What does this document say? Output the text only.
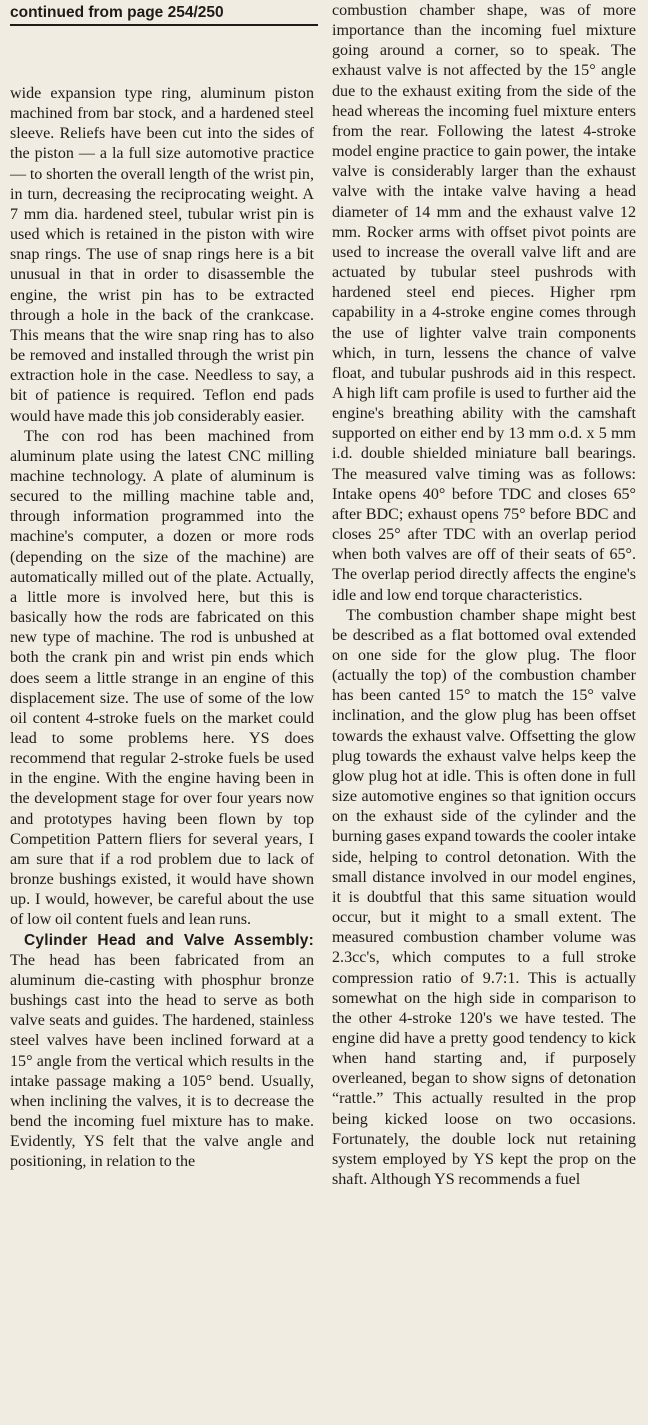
continued from page 254/250

wide expansion type ring, aluminum piston machined from bar stock, and a hardened steel sleeve. Reliefs have been cut into the sides of the piston — a la full size automotive practice — to shorten the overall length of the wrist pin, in turn, decreasing the reciprocating weight. A 7 mm dia. hardened steel, tubular wrist pin is used which is retained in the piston with wire snap rings. The use of snap rings here is a bit unusual in that in order to disassemble the engine, the wrist pin has to be extracted through a hole in the back of the crankcase. This means that the wire snap ring has to also be removed and installed through the wrist pin extraction hole in the case. Needless to say, a bit of patience is required. Teflon end pads would have made this job considerably easier.

The con rod has been machined from aluminum plate using the latest CNC milling machine technology. A plate of aluminum is secured to the milling machine table and, through information programmed into the machine's computer, a dozen or more rods (depending on the size of the machine) are automatically milled out of the plate. Actually, a little more is involved here, but this is basically how the rods are fabricated on this new type of machine. The rod is unbushed at both the crank pin and wrist pin ends which does seem a little strange in an engine of this displacement size. The use of some of the low oil content 4-stroke fuels on the market could lead to some problems here. YS does recommend that regular 2-stroke fuels be used in the engine. With the engine having been in the development stage for over four years now and prototypes having been flown by top Competition Pattern fliers for several years, I am sure that if a rod problem due to lack of bronze bushings existed, it would have shown up. I would, however, be careful about the use of low oil content fuels and lean runs.

Cylinder Head and Valve Assembly: The head has been fabricated from an aluminum die-casting with phosphur bronze bushings cast into the head to serve as both valve seats and guides. The hardened, stainless steel valves have been inclined forward at a 15° angle from the vertical which results in the intake passage making a 105° bend. Usually, when inclining the valves, it is to decrease the bend the incoming fuel mixture has to make. Evidently, YS felt that the valve angle and positioning, in relation to the

combustion chamber shape, was of more importance than the incoming fuel mixture going around a corner, so to speak. The exhaust valve is not affected by the 15° angle due to the exhaust exiting from the side of the head whereas the incoming fuel mixture enters from the rear. Following the latest 4-stroke model engine practice to gain power, the intake valve is considerably larger than the exhaust valve with the intake valve having a head diameter of 14 mm and the exhaust valve 12 mm. Rocker arms with offset pivot points are used to increase the overall valve lift and are actuated by tubular steel pushrods with hardened steel end pieces. Higher rpm capability in a 4-stroke engine comes through the use of lighter valve train components which, in turn, lessens the chance of valve float, and tubular pushrods aid in this respect. A high lift cam profile is used to further aid the engine's breathing ability with the camshaft supported on either end by 13 mm o.d. x 5 mm i.d. double shielded miniature ball bearings. The measured valve timing was as follows: Intake opens 40° before TDC and closes 65° after BDC; exhaust opens 75° before BDC and closes 25° after TDC with an overlap period when both valves are off of their seats of 65°. The overlap period directly affects the engine's idle and low end torque characteristics.

The combustion chamber shape might best be described as a flat bottomed oval extended on one side for the glow plug. The floor (actually the top) of the combustion chamber has been canted 15° to match the 15° valve inclination, and the glow plug has been offset towards the exhaust valve. Offsetting the glow plug towards the exhaust valve helps keep the glow plug hot at idle. This is often done in full size automotive engines so that ignition occurs on the exhaust side of the cylinder and the burning gases expand towards the cooler intake side, helping to control detonation. With the small distance involved in our model engines, it is doubtful that this same situation would occur, but it might to a small extent. The measured combustion chamber volume was 2.3cc's, which computes to a full stroke compression ratio of 9.7:1. This is actually somewhat on the high side in comparison to the other 4-stroke 120's we have tested. The engine did have a pretty good tendency to kick when hand starting and, if purposely overleaned, began to show signs of detonation “rattle.” This actually resulted in the prop being kicked loose on two occasions. Fortunately, the double lock nut retaining system employed by YS kept the prop on the shaft. Although YS recommends a fuel
